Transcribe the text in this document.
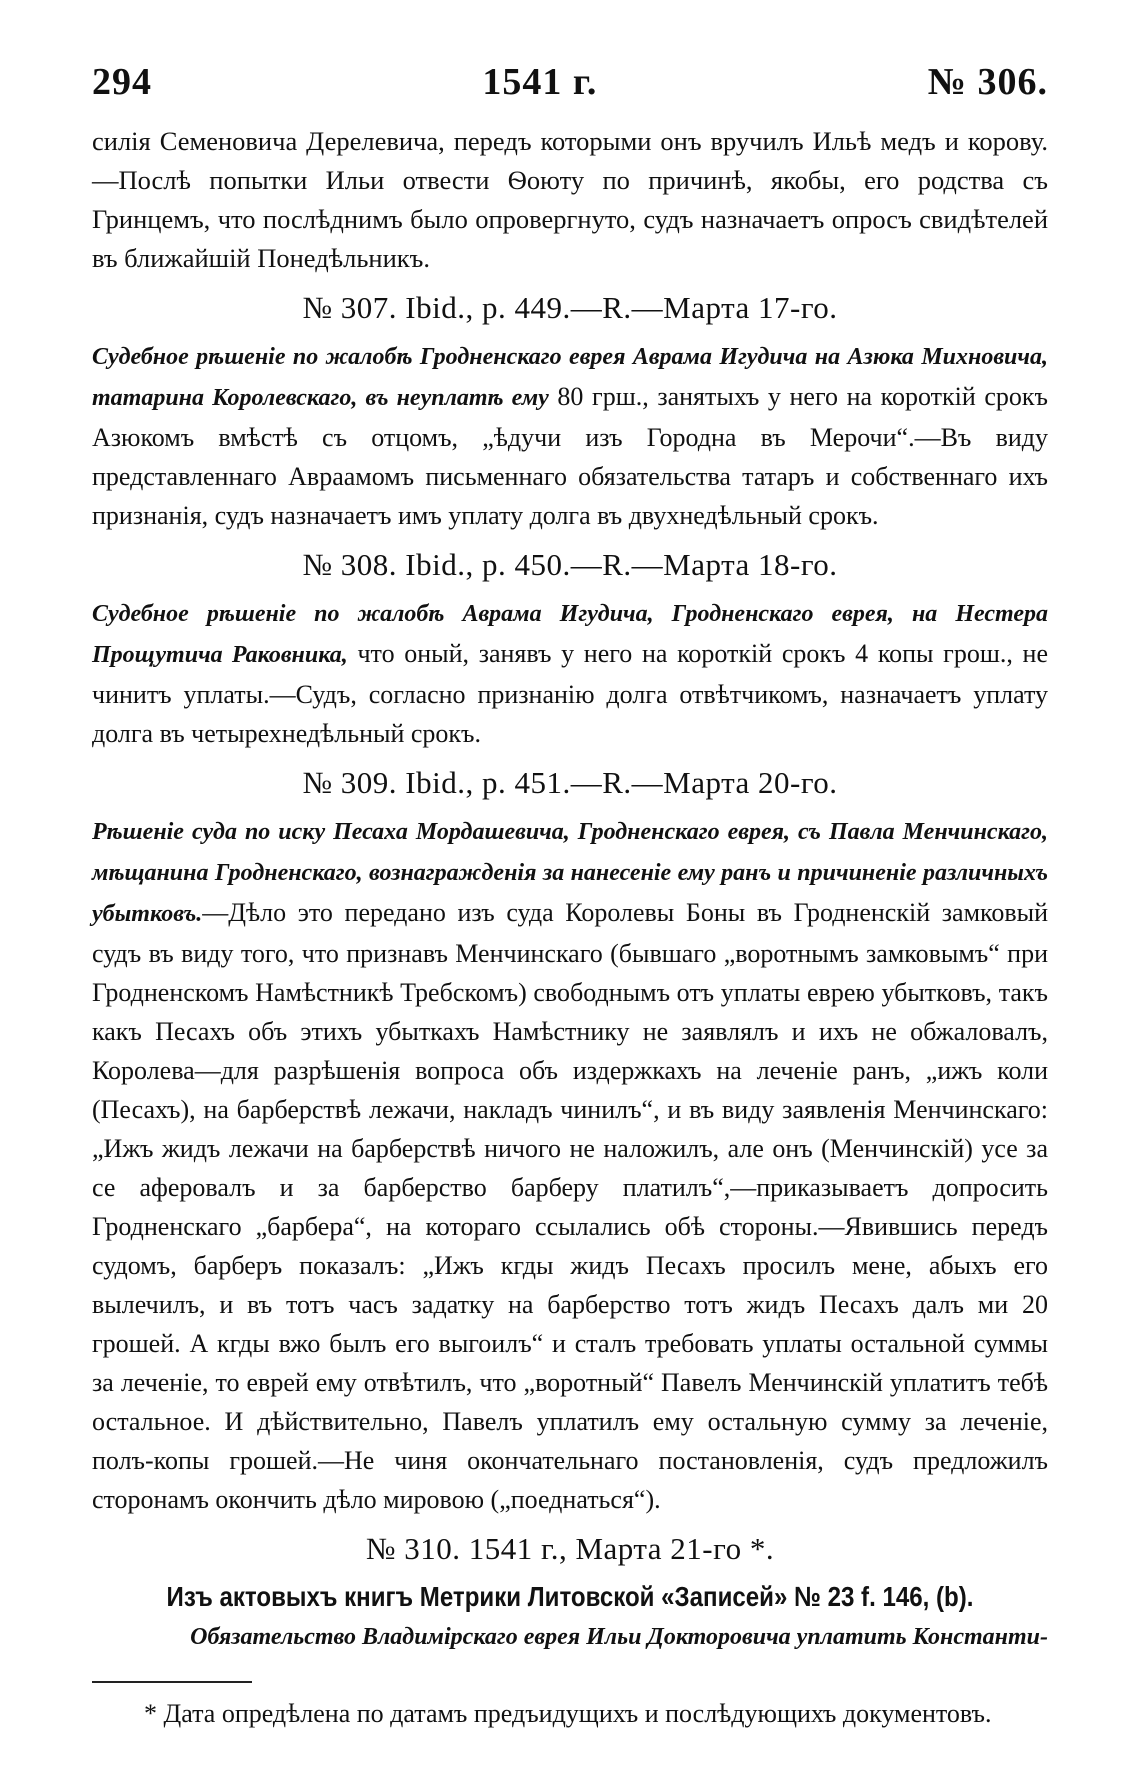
294	1541 г.	№ 306.

силія Семеновича Дерелевича, передъ которыми онъ вручилъ Ильѣ медъ и корову.—Послѣ попытки Ильи отвести Ѳоюту по причинѣ, якобы, его родства съ Гринцемъ, что послѣднимъ было опровергнуто, судъ назначаетъ опросъ свидѣтелей въ ближайшій Понедѣльникъ.

№ 307. Ibid., p. 449.—R.—Марта 17-го.

Судебное рѣшеніе по жалобѣ Гродненскаго еврея Аврама Игудича на Азюка Михновича, татарина Королевскаго, въ неуплатѣ ему 80 грш., занятыхъ у него на короткій срокъ Азюкомъ вмѣстѣ съ отцомъ, „ѣдучи изъ Городна въ Мерочи“.—Въ виду представленнаго Авраамомъ письменнаго обязательства татаръ и собственнаго ихъ признанія, судъ назначаетъ имъ уплату долга въ двухнедѣльный срокъ.

№ 308. Ibid., p. 450.—R.—Марта 18-го.

Судебное рѣшеніе по жалобѣ Аврама Игудича, Гродненскаго еврея, на Нестера Прощутича Раковника, что оный, занявъ у него на короткій срокъ 4 копы грош., не чинитъ уплаты.—Судъ, согласно признанію долга отвѣтчикомъ, назначаетъ уплату долга въ четырехнедѣльный срокъ.

№ 309. Ibid., p. 451.—R.—Марта 20-го.

Рѣшеніе суда по иску Песаха Мордашевича, Гродненскаго еврея, съ Павла Менчинскаго, мѣщанина Гродненскаго, вознагражденія за нанесеніе ему ранъ и причиненіе различныхъ убытковъ.—Дѣло это передано изъ суда Королевы Боны въ Гродненскій замковый судъ въ виду того, что признавъ Менчинскаго (бывшаго „воротнымъ замковымъ“ при Гродненскомъ Намѣстникѣ Требскомъ) свободнымъ отъ уплаты еврею убытковъ, такъ какъ Песахъ объ этихъ убыткахъ Намѣстнику не заявлялъ и ихъ не обжаловалъ, Королева—для разрѣшенія вопроса объ издержкахъ на леченіе ранъ, „ижъ коли (Песахъ), на барберствѣ лежачи, накладъ чинилъ“, и въ виду заявленія Менчинскаго: „Ижъ жидъ лежачи на барберствѣ ничого не наложилъ, але онъ (Менчинскій) усе за се аферовалъ и за барберство барберу платилъ“,—приказываетъ допросить Гродненскаго „барбера“, на котораго ссылались обѣ стороны.—Явившись передъ судомъ, барберъ показалъ: „Ижъ кгды жидъ Песахъ просилъ мене, абыхъ его вылечилъ, и въ тотъ часъ задатку на барберство тотъ жидъ Песахъ далъ ми 20 грошей. А кгды вжо былъ его выгоилъ“ и сталъ требовать уплаты остальной суммы за леченіе, то еврей ему отвѣтилъ, что „воротный“ Павелъ Менчинскій уплатитъ тебѣ остальное. И дѣйствительно, Павелъ уплатилъ ему остальную сумму за леченіе, полъ-копы грошей.—Не чиня окончательнаго постановленія, судъ предложилъ сторонамъ окончить дѣло мировою („поеднаться“).

№ 310. 1541 г., Марта 21-го *.
Изъ актовыхъ книгъ Метрики Литовской «Записей» № 23 f. 146, (b).

Обязательство Владимірскаго еврея Ильи Докторовича уплатить Константи-

* Дата опредѣлена по датамъ предъидущихъ и послѣдующихъ документовъ.
